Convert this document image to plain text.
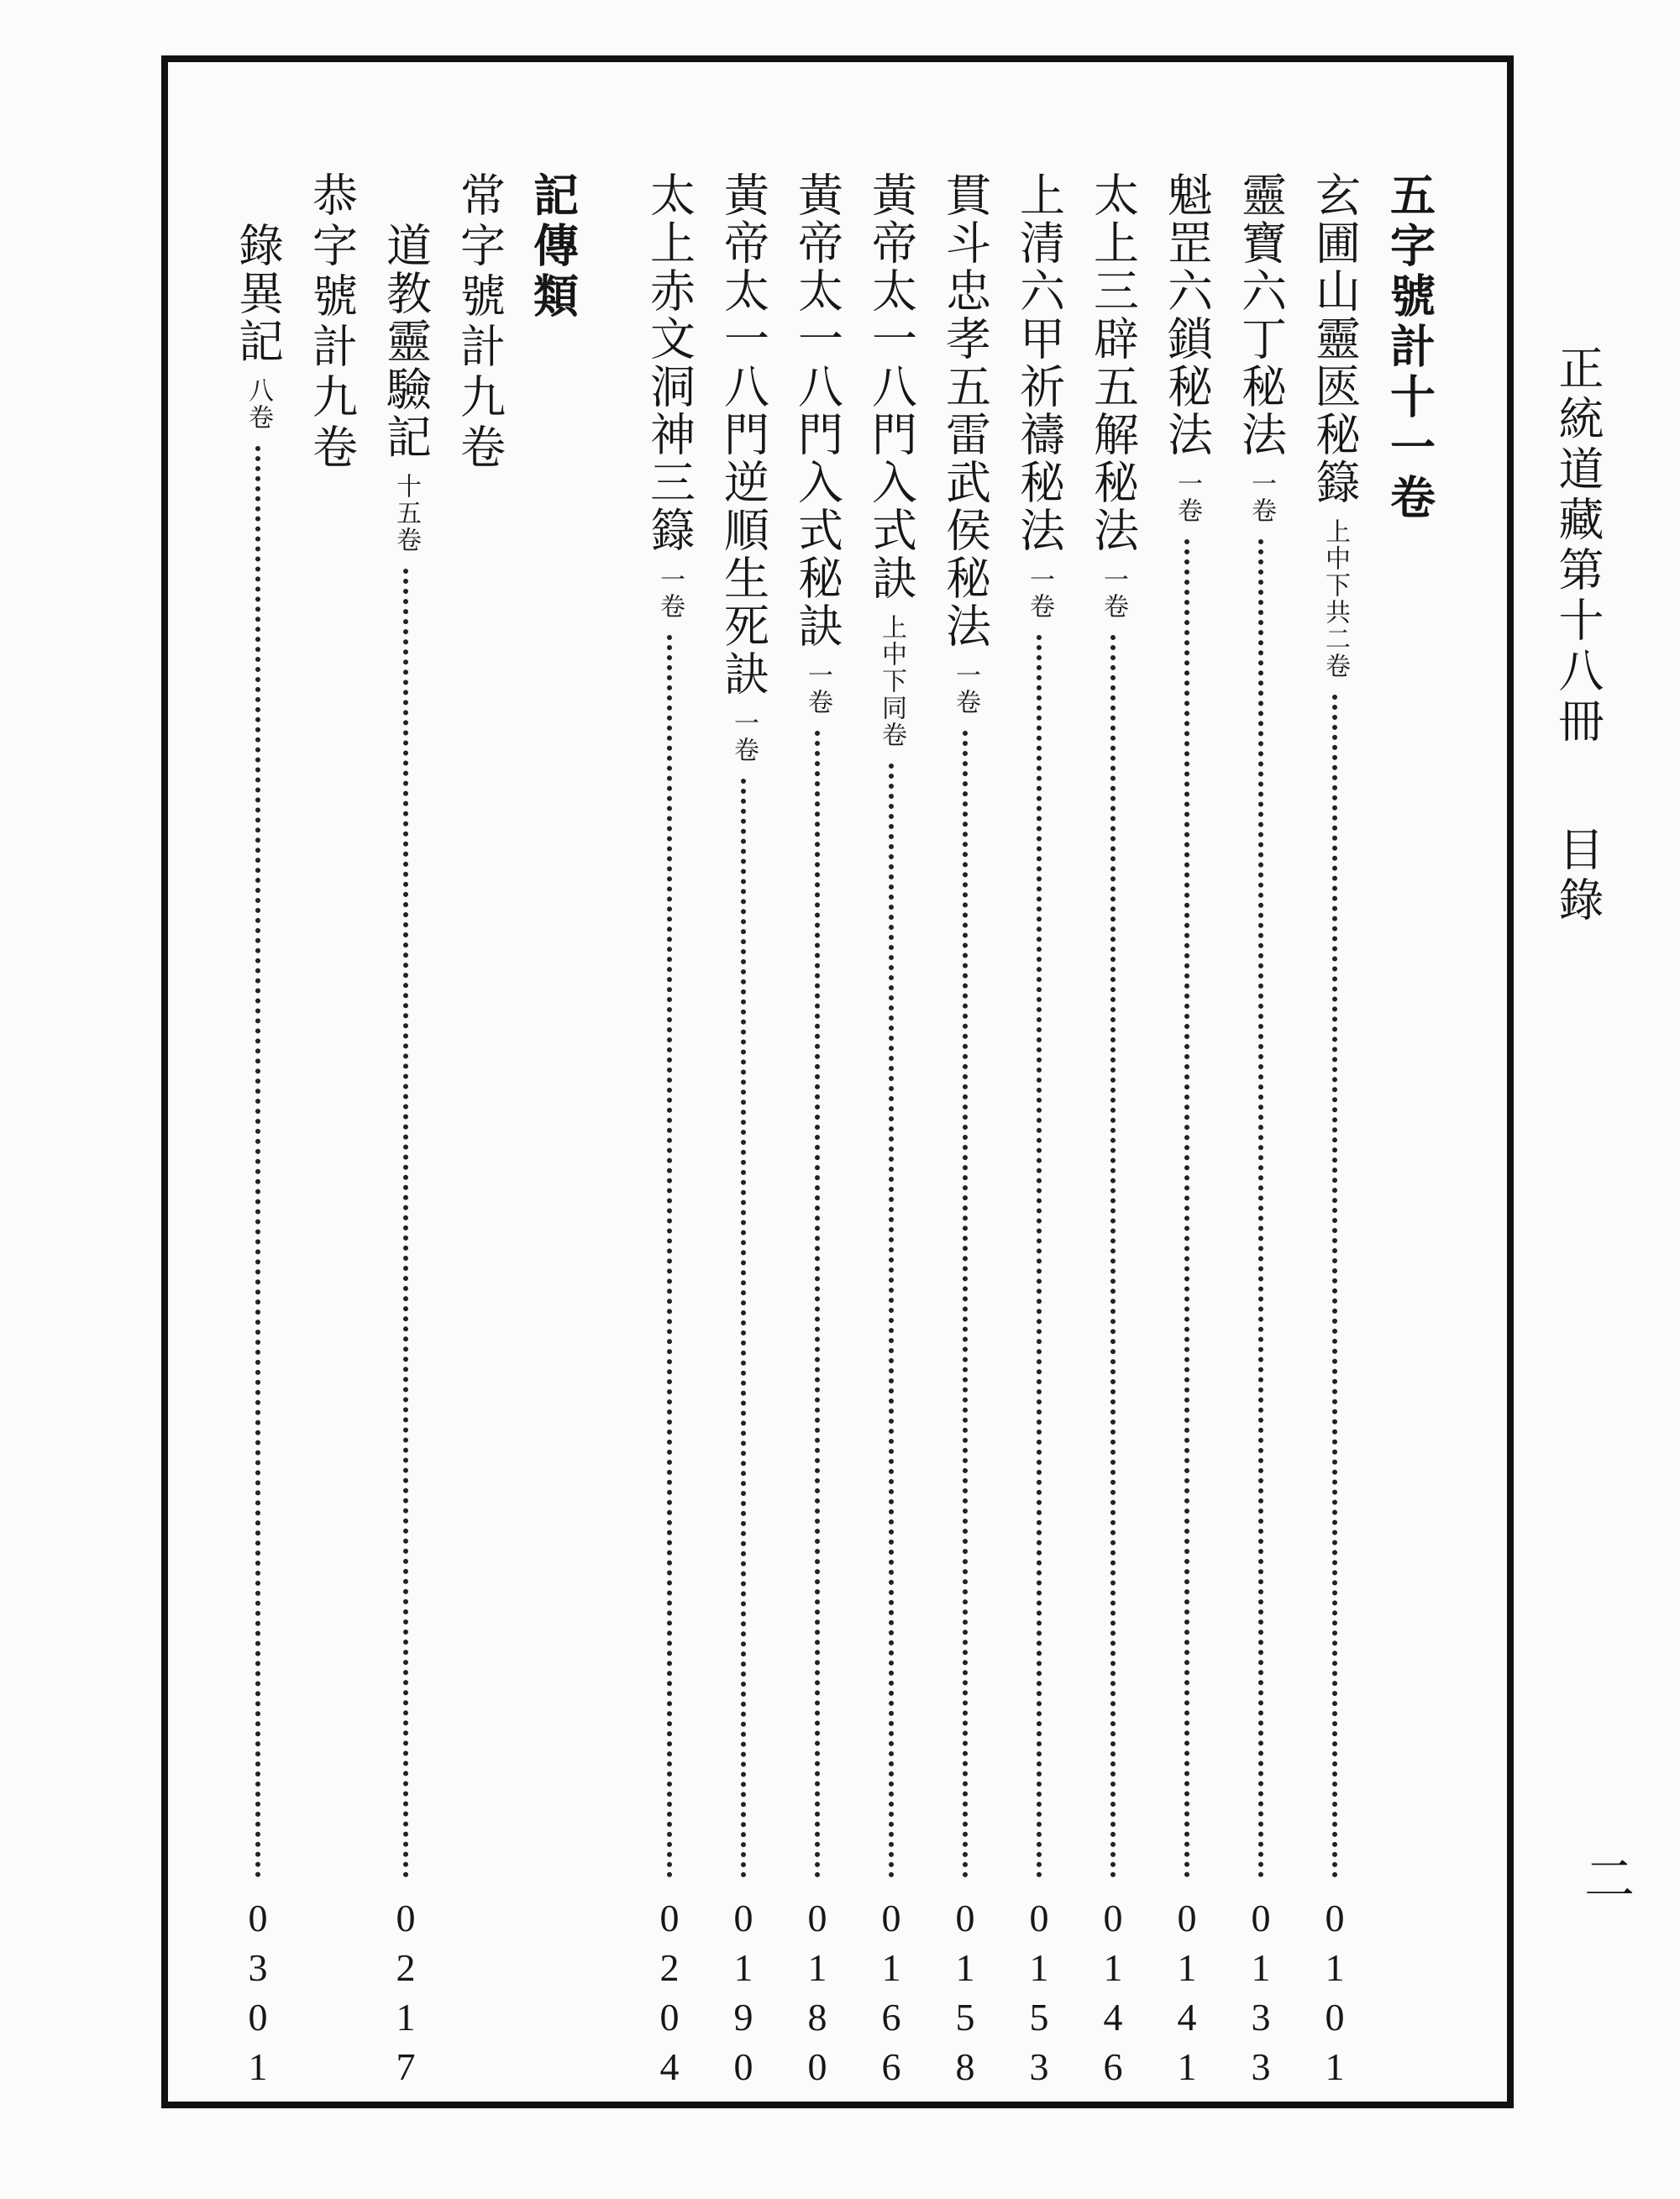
正統道藏第十八冊 目錄
二
五字號計十一卷
玄圃山靈匧秘籙
上中下共二卷
0101
靈寶六丁秘法
一卷
0133
魁罡六鎖秘法
一卷
0141
太上三辟五解秘法
一卷
0146
上清六甲祈禱秘法
一卷
0153
貫斗忠孝五雷武侯秘法
一卷
0158
黃帝太一八門入式訣
上中下同卷
0166
黃帝太一八門入式秘訣
一卷
0180
黃帝太一八門逆順生死訣
一卷
0190
太上赤文洞神三籙
一卷
0204
記傳類
常字號計九卷
道教靈驗記
十五卷
0217
恭字號計九卷
錄異記
八卷
0301
